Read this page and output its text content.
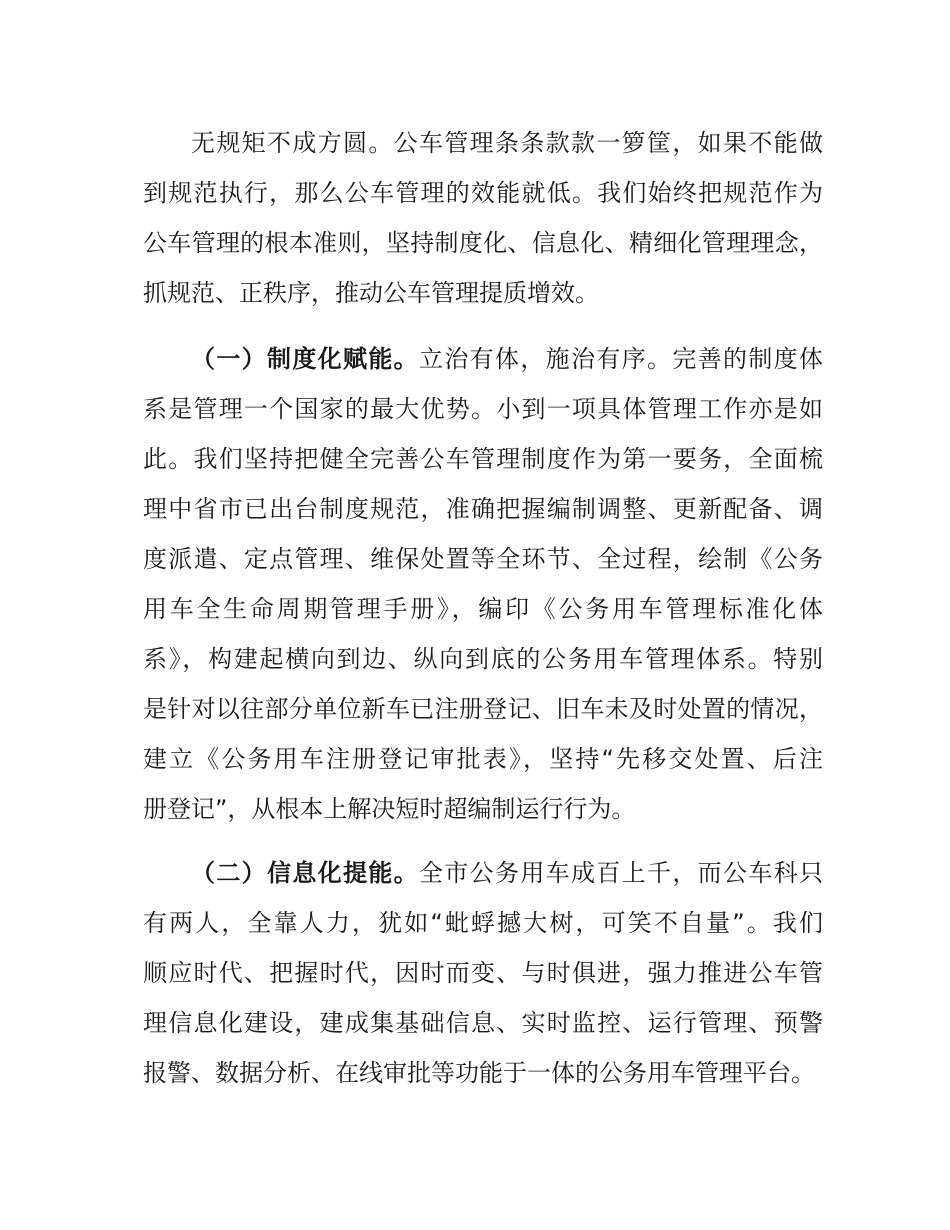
无规矩不成方圆。公车管理条条款款一箩筐，如果不能做
到规范执行，那么公车管理的效能就低。我们始终把规范作为
公车管理的根本准则，坚持制度化、信息化、精细化管理理念，
抓规范、正秩序，推动公车管理提质增效。
（一）制度化赋能。立治有体，施治有序。完善的制度体
系是管理一个国家的最大优势。小到一项具体管理工作亦是如
此。我们坚持把健全完善公车管理制度作为第一要务，全面梳
理中省市已出台制度规范，准确把握编制调整、更新配备、调
度派遣、定点管理、维保处置等全环节、全过程，绘制《公务
用车全生命周期管理手册》，编印《公务用车管理标准化体
系》，构建起横向到边、纵向到底的公务用车管理体系。特别
是针对以往部分单位新车已注册登记、旧车未及时处置的情况，
建立《公务用车注册登记审批表》，坚持“先移交处置、后注
册登记”，从根本上解决短时超编制运行行为。
（二）信息化提能。全市公务用车成百上千，而公车科只
有两人，全靠人力，犹如“蚍蜉撼大树，可笑不自量”。我们
顺应时代、把握时代，因时而变、与时俱进，强力推进公车管
理信息化建设，建成集基础信息、实时监控、运行管理、预警
报警、数据分析、在线审批等功能于一体的公务用车管理平台。
